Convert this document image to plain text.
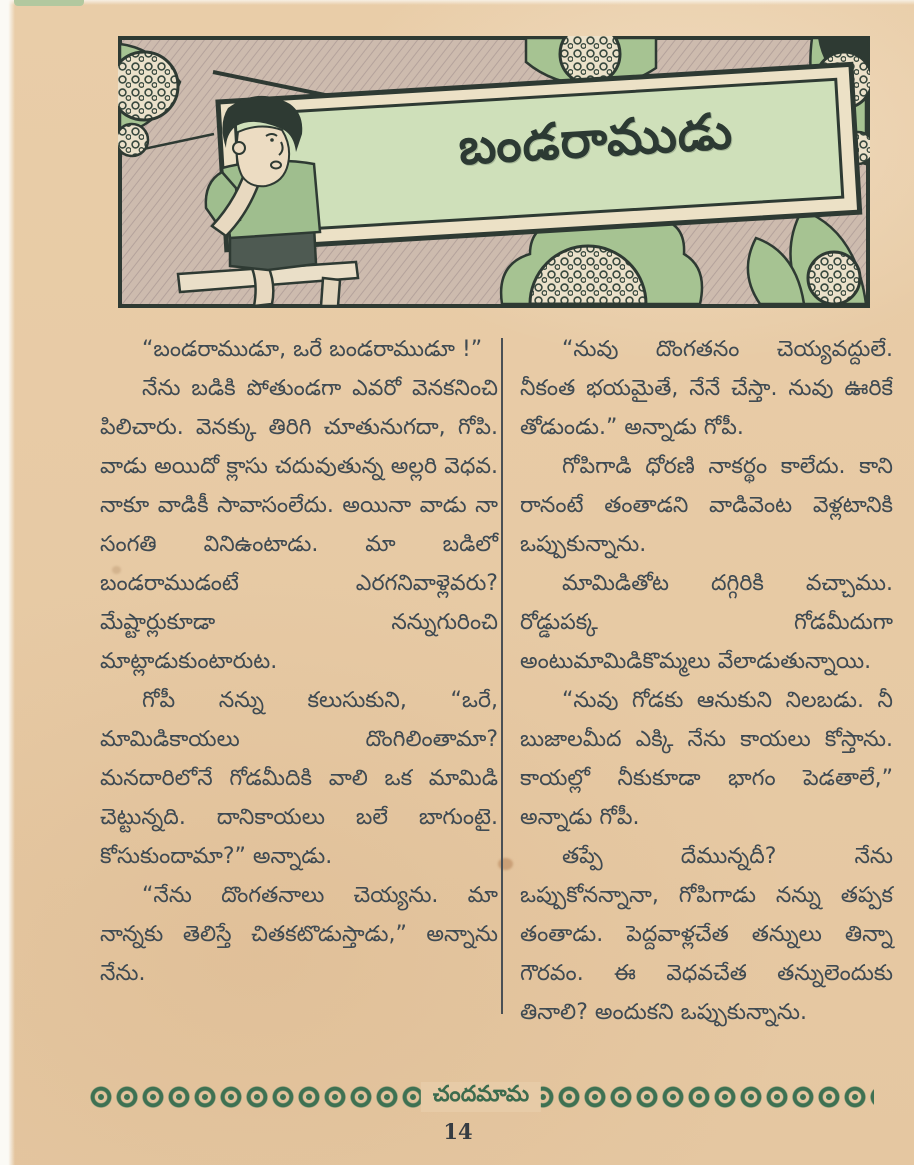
బండరాముడు

“బండరాముడూ, ఒరే బండరాముడూ !”

నేను బడికి పోతుండగా ఎవరో వెనకనించి పిలిచారు. వెనక్కు తిరిగి చూతునుగదా, గోపి. వాడు అయిదో క్లాసు చదువుతున్న అల్లరి వెధవ. నాకూ వాడికీ సావాసంలేదు. అయినా వాడు నా సంగతి వినిఉంటాడు. మా బడిలో బండరాముడంటే ఎరగనివాళ్లెవరు? మేష్టార్లుకూడా నన్నుగురించి మాట్లాడుకుంటారుట.

గోపీ నన్ను కలుసుకుని, “ఒరే, మామిడికాయలు దొంగిలింతామా? మనదారిలోనే గోడమీదికి వాలి ఒక మామిడి చెట్టున్నది. దానికాయలు బలే బాగుంటై. కోసుకుందామా?” అన్నాడు.

“నేను దొంగతనాలు చెయ్యను. మా నాన్నకు తెలిస్తే చితకటొడుస్తాడు,” అన్నాను నేను.

“నువు దొంగతనం చెయ్యవద్దులే. నీకంత భయమైతే, నేనే చేస్తా. నువు ఊరికే తోడుండు.” అన్నాడు గోపీ.

గోపిగాడి ధోరణి నాకర్థం కాలేదు. కాని రానంటే తంతాడని వాడివెంట వెళ్లటానికి ఒప్పుకున్నాను.

మామిడితోట దగ్గిరికి వచ్చాము. రోడ్డుపక్క గోడమీదుగా అంటుమామిడికొమ్మలు వేలాడుతున్నాయి.

“నువు గోడకు ఆనుకుని నిలబడు. నీ బుజాలమీద ఎక్కి నేను కాయలు కోస్తాను. కాయల్లో నీకుకూడా భాగం పెడతాలే,” అన్నాడు గోపీ.

తప్పే దేమున్నదీ? నేను ఒప్పుకోనన్నానా, గోపిగాడు నన్ను తప్పక తంతాడు. పెద్దవాళ్లచేత తన్నులు తిన్నా గౌరవం. ఈ వెధవచేత తన్నులెందుకు తినాలి? అందుకని ఒప్పుకున్నాను.

చందమామ
14
